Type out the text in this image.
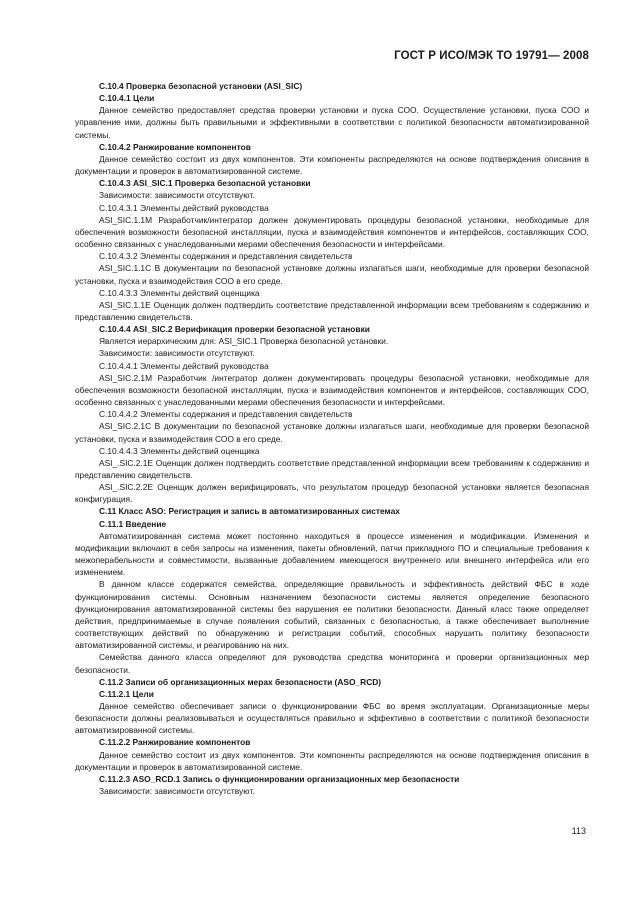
ГОСТ Р ИСО/МЭК ТО 19791— 2008

С.10.4 Проверка безопасной установки (ASI_SIC)

С.10.4.1 Цели

Данное семейство предоставляет средства проверки установки и пуска СОО. Осуществление установки, пуска СОО и управление ими, должны быть правильными и эффективными в соответствии с политикой безопасности автоматизированной системы.

С.10.4.2 Ранжирование компонентов

Данное семейство состоит из двух компонентов. Эти компоненты распределяются на основе подтверждения описания в документации и проверок в автоматизированной системе.

С.10.4.3 ASI_SIC.1 Проверка безопасной установки

Зависимости: зависимости отсутствуют.

С.10.4.3.1 Элементы действий руководства

ASI_SIC.1.1M Разработчик/интегратор должен документировать процедуры безопасной установки, необходимые для обеспечения возможности безопасной инсталляции, пуска и взаимодействия компонентов и интерфейсов, составляющих СОО, особенно связанных с унаследованными мерами обеспечения безопасности и интерфейсами.

С.10.4.3.2 Элементы содержания и представления свидетельств

ASI_SIC.1.1C В документации по безопасной установке должны излагаться шаги, необходимые для проверки безопасной установки, пуска и взаимодействия СОО в его среде.

С.10.4.3.3 Элементы действий оценщика

ASI_SIC.1.1E Оценщик должен подтвердить соответствие представленной информации всем требованиям к содержанию и представлению свидетельств.

С.10.4.4 ASI_SIC.2 Верификация проверки безопасной установки

Является иерархическим для: ASI_SIC.1 Проверка безопасной установки.

Зависимости: зависимости отсутствуют.

С.10.4.4.1 Элементы действий руководства

ASI_SIC.2.1M Разработчик /интегратор должен документировать процедуры безопасной установки, необходимые для обеспечения возможности безопасной инсталляции, пуска и взаимодействия компонентов и интерфейсов, составляющих СОО, особенно связанных с унаследованными мерами обеспечения безопасности и интерфейсами.

С.10.4.4.2 Элементы содержания и представления свидетельств

ASI_SIC.2.1C В документации по безопасной установке должны излагаться шаги, необходимые для проверки безопасной установки, пуска и взаимодействия СОО в его среде.

С.10.4.4.3 Элементы действий оценщика

ASI_.SIC.2.1E Оценщик должен подтвердить соответствие представленной информации всем требованиям к содержанию и представлению свидетельств.

ASI_.SIC.2.2E Оценщик должен верифицировать, что результатом процедур безопасной установки является безопасная конфигурация.

С.11 Класс ASO: Регистрация и запись в автоматизированных системах

С.11.1 Введение

Автоматизированная система может постоянно находиться в процессе изменения и модификации. Изменения и модификации включают в себя запросы на изменения, пакеты обновлений, патчи прикладного ПО и специальные требования к межоперабельности и совместимости, вызванные добавлением имеющегося внутреннего или внешнего интерфейса или его изменением.

В данном классе содержатся семейства, определяющие правильность и эффективность действий ФБС в ходе функционирования системы. Основным назначением безопасности системы является определение безопасного функционирования автоматизированной системы без нарушения ее политики безопасности. Данный класс также определяет действия, предпринимаемые в случае появления событий, связанных с безопасностью, а также обеспечивает выполнение соответствующих действий по обнаружению и регистрации событий, способных нарушить политику безопасности автоматизированной системы, и реагированию на них.

Семейства данного класса определяют для руководства средства мониторинга и проверки организационных мер безопасности.

С.11.2 Записи об организационных мерах безопасности (ASO_RCD)

С.11.2.1 Цели

Данное семейство обеспечивает записи о функционировании ФБС во время эксплуатации. Организационные меры безопасности должны реализовываться и осуществляться правильно и эффективно в соответствии с политикой безопасности автоматизированной системы.

С.11.2.2 Ранжирование компонентов

Данное семейство состоит из двух компонентов. Эти компоненты распределяются на основе подтверждения описания в документации и проверок в автоматизированной системе.

С.11.2.3 ASO_RCD.1 Запись о функционировании организационных мер безопасности

Зависимости: зависимости отсутствуют.

113
